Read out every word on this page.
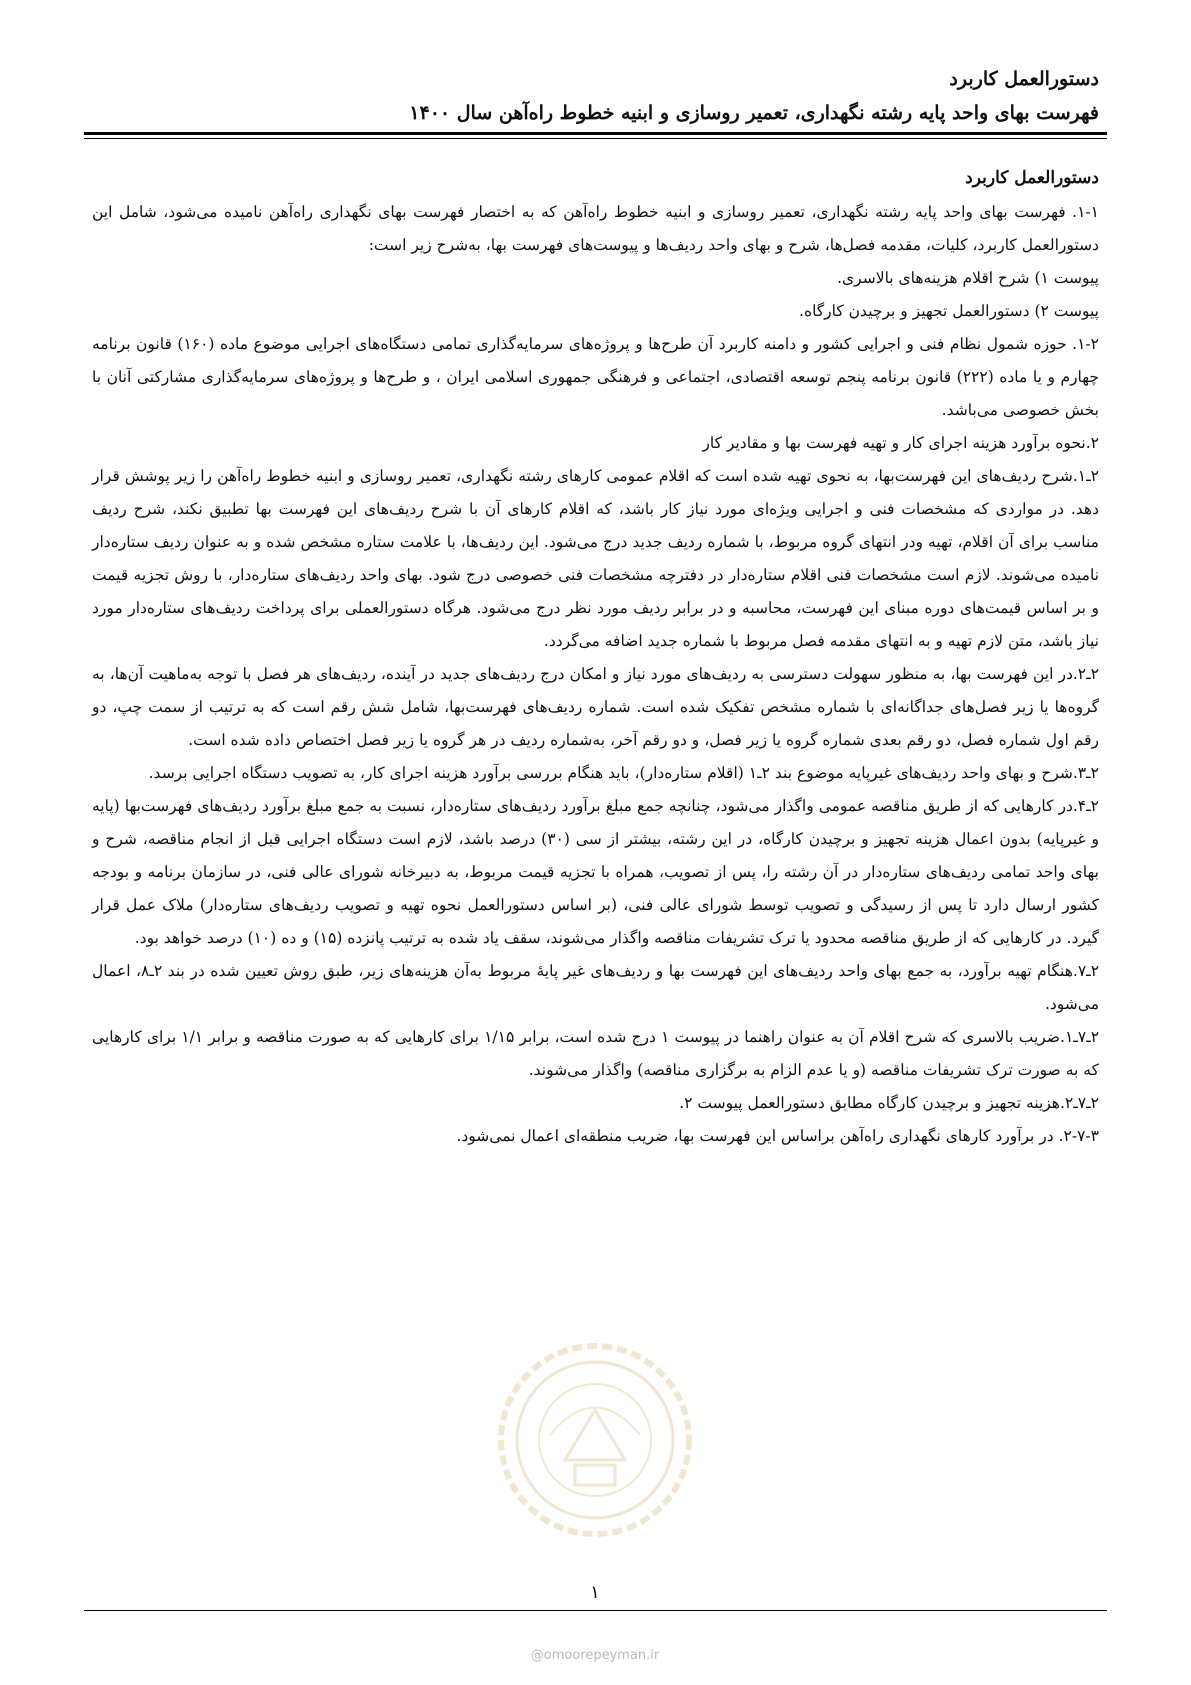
دستورالعمل کاربرد
فهرست بهای واحد پایه رشته نگهداری، تعمیر روسازی و ابنیه خطوط راه‌آهن سال ۱۴۰۰
دستورالعمل کاربرد

۱-۱. فهرست بهای واحد پایه رشته نگهداری، تعمیر روسازی و ابنیه خطوط راه‌آهن که به اختصار فهرست بهای نگهداری راه‌آهن نامیده می‌شود، شامل این دستورالعمل کاربرد، کلیات، مقدمه فصل‌ها، شرح و بهای واحد ردیف‌ها و پیوست‌های فهرست بها، به‌شرح زیر است:

پیوست ۱) شرح اقلام هزینه‌های بالاسری.

پیوست ۲) دستورالعمل تجهیز و برچیدن کارگاه.

۱-۲. حوزه شمول نظام فنی و اجرایی کشور و دامنه کاربرد آن طرح‌ها و پروژه‌های سرمایه‌گذاری تمامی دستگاه‌های اجرایی موضوع ماده (۱۶۰) قانون برنامه چهارم و یا ماده (۲۲۲) قانون برنامه پنجم توسعه اقتصادی، اجتماعی و فرهنگی جمهوری اسلامی ایران ، و طرح‌ها و پروژه‌های سرمایه‌گذاری مشارکتی آنان با بخش خصوصی می‌باشد.

۲.نحوه برآورد هزینه اجرای کار و تهیه فهرست بها و مقادیر کار

۲ـ۱.شرح ردیف‌های این فهرست‌بها، به نحوی تهیه شده است که اقلام عمومی کارهای رشته نگهداری، تعمیر روسازی و ابنیه خطوط راه‌آهن را زیر پوشش قرار دهد. در مواردی که مشخصات فنی و اجرایی ویژه‌ای مورد نیاز کار باشد، که اقلام کارهای آن با شرح ردیف‌های این فهرست بها تطبیق نکند، شرح ردیف مناسب برای آن اقلام، تهیه ودر انتهای گروه مربوط، با شماره ردیف جدید درج می‌شود. این ردیف‌ها، با علامت ستاره مشخص شده و به عنوان ردیف ستاره‌دار نامیده می‌شوند. لازم است مشخصات فنی اقلام ستاره‌دار در دفترچه مشخصات فنی خصوصی درج شود. بهای واحد ردیف‌های ستاره‌دار، با روش تجزیه قیمت و بر اساس قیمت‌های دوره مبنای این فهرست، محاسبه و در برابر ردیف مورد نظر درج می‌شود. هرگاه دستورالعملی برای پرداخت ردیف‌های ستاره‌دار مورد نیاز باشد، متن لازم تهیه و به انتهای مقدمه فصل مربوط با شماره جدید اضافه می‌گردد.

۲ـ۲.در این فهرست بها، به منظور سهولت دسترسی به ردیف‌های مورد نیاز و امکان درج ردیف‌های جدید در آینده، ردیف‌های هر فصل با توجه به‌ماهیت آن‌ها، به گروه‌ها یا زیر فصل‌های جداگانه‌ای با شماره مشخص تفکیک شده است. شماره ردیف‌های فهرست‌بها، شامل شش رقم است که به ترتیب از سمت چپ، دو رقم اول شماره فصل، دو رقم بعدی شماره گروه یا زیر فصل، و دو رقم آخر، به‌شماره ردیف در هر گروه یا زیر فصل اختصاص داده شده است.

۲ـ۳.شرح و بهای واحد ردیف‌های غیرپایه موضوع بند ۲ـ۱ (اقلام ستاره‌دار)، باید هنگام بررسی برآورد هزینه اجرای کار، به تصویب دستگاه اجرایی برسد.

۲ـ۴.در کارهایی که از طریق مناقصه عمومی واگذار می‌شود، چنانچه جمع مبلغ برآورد ردیف‌های ستاره‌دار، نسبت به جمع مبلغ برآورد ردیف‌های فهرست‌بها (پایه و غیرپایه) بدون اعمال هزینه تجهیز و برچیدن کارگاه، در این رشته، بیشتر از سی (۳۰) درصد باشد، لازم است دستگاه اجرایی قبل از انجام مناقصه، شرح و بهای واحد تمامی ردیف‌های ستاره‌دار در آن رشته را، پس از تصویب، همراه با تجزیه قیمت مربوط، به دبیرخانه شورای عالی فنی، در سازمان برنامه و بودجه کشور ارسال دارد تا پس از رسیدگی و تصویب توسط شورای عالی فنی، (بر اساس دستورالعمل نحوه تهیه و تصویب ردیف‌های ستاره‌دار) ملاک عمل قرار گیرد. در کارهایی که از طریق مناقصه محدود یا ترک تشریفات مناقصه واگذار می‌شوند، سقف یاد شده به ترتیب پانزده (۱۵) و ده (۱۰) درصد خواهد بود.

۲ـ۷.هنگام تهیه برآورد، به جمع بهای واحد ردیف‌های این فهرست بها و ردیف‌های غیر پایهٔ مربوط به‌آن هزینه‌های زیر، طبق روش تعیین شده در بند ۲ـ۸، اعمال می‌شود.

۲ـ۷ـ۱.ضریب بالاسری که شرح اقلام آن به عنوان راهنما در پیوست ۱ درج شده است، برابر ۱/۱۵ برای کارهایی که به صورت مناقصه و برابر ۱/۱ برای کارهایی که به صورت ترک تشریفات مناقصه (و یا عدم الزام به برگزاری مناقصه) واگذار می‌شوند.

۲ـ۷ـ۲.هزینه تجهیز و برچیدن کارگاه مطابق دستورالعمل پیوست ۲.

۲-۷-۳. در برآورد کارهای نگهداری راه‌آهن براساس این فهرست بها، ضریب منطقه‌ای اعمال نمی‌شود.

۱
@omoorepeyman.ir
